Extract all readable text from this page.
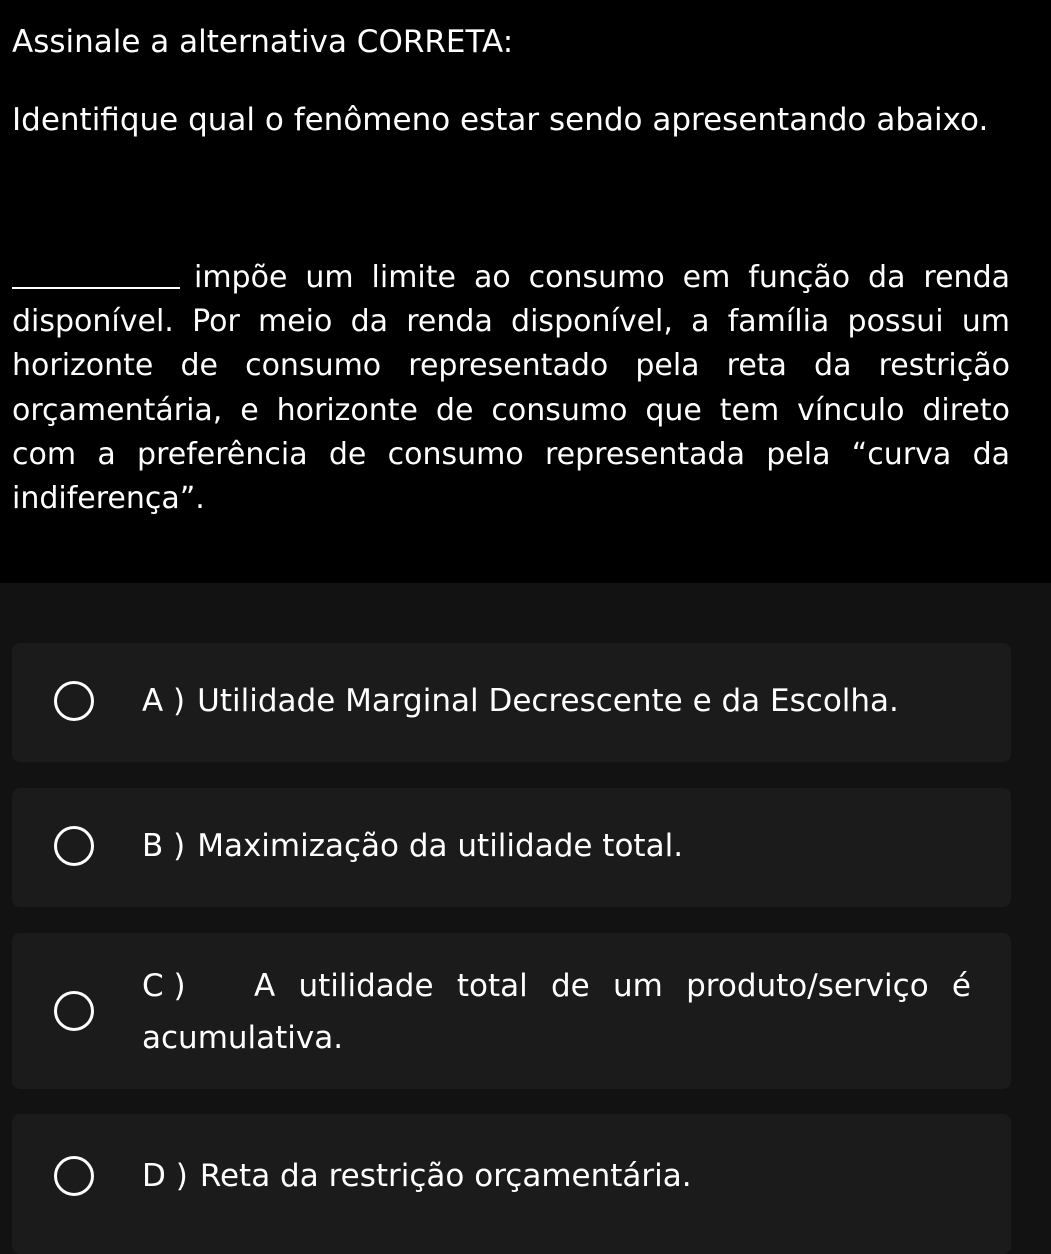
Assinale a alternativa CORRETA:
Identifique qual o fenômeno estar sendo apresentando abaixo.
impõe um limite ao consumo em função da renda disponível. Por meio da renda disponível, a família possui um horizonte de consumo representado pela reta da restrição orçamentária, e horizonte de consumo que tem vínculo direto com a preferência de consumo representada pela “curva da indiferença”.
A ) Utilidade Marginal Decrescente e da Escolha.
B ) Maximização da utilidade total.
C ) A utilidade total de um produto/serviço é acumulativa.
D ) Reta da restrição orçamentária.
